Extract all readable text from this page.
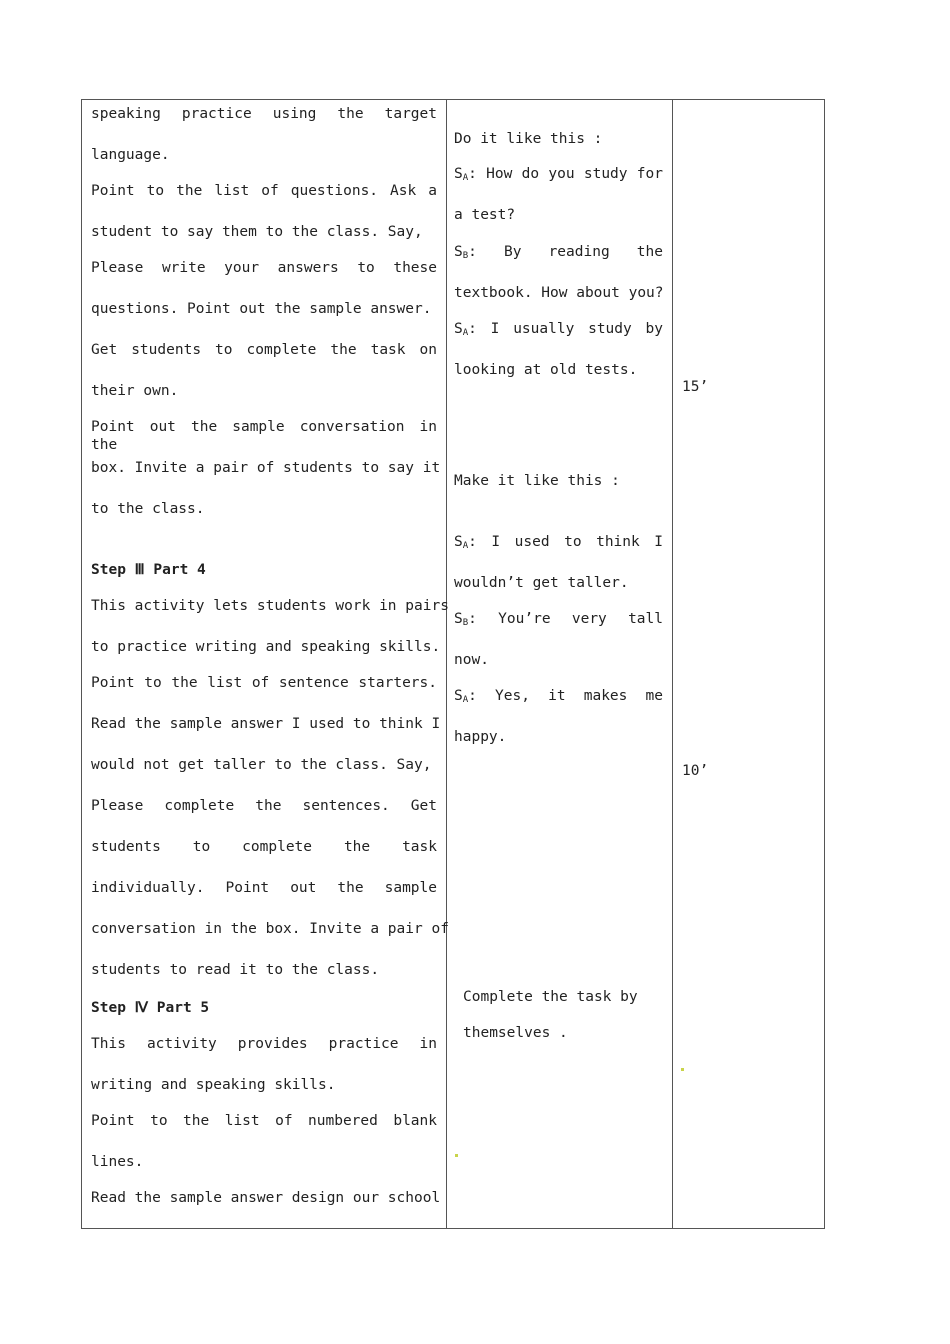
speaking practice using the target
language.
Point to the list of questions. Ask a
student to say them to the class. Say,
Please write your answers to these
questions. Point out the sample answer.
Get students to complete the task on
their own.
Point out the sample conversation in the
box. Invite a pair of students to say it
to the class.
Step Ⅲ Part 4
This activity lets students work in pairs
to practice writing and speaking skills.
Point to the list of sentence starters.
Read the sample answer I used to think I
would not get taller to the class. Say,
Please complete the sentences. Get
students to complete the task
individually. Point out the sample
conversation in the box. Invite a pair of
students to read it to the class.
Step Ⅳ Part 5
This activity provides practice in
writing and speaking skills.
Point to the list of numbered blank
lines.
Read the sample answer design our school
Do it like this :
$S_A$: How do you study for
a test?
$S_B$: By reading the
textbook. How about you?
$S_A$: I usually study by
looking at old tests.
Make it like this :
$S_A$: I used to think I
wouldn’t get taller.
$S_B$: You’re very tall
now.
$S_A$: Yes, it makes me
happy.
Complete the task by
themselves .
15’
10’
